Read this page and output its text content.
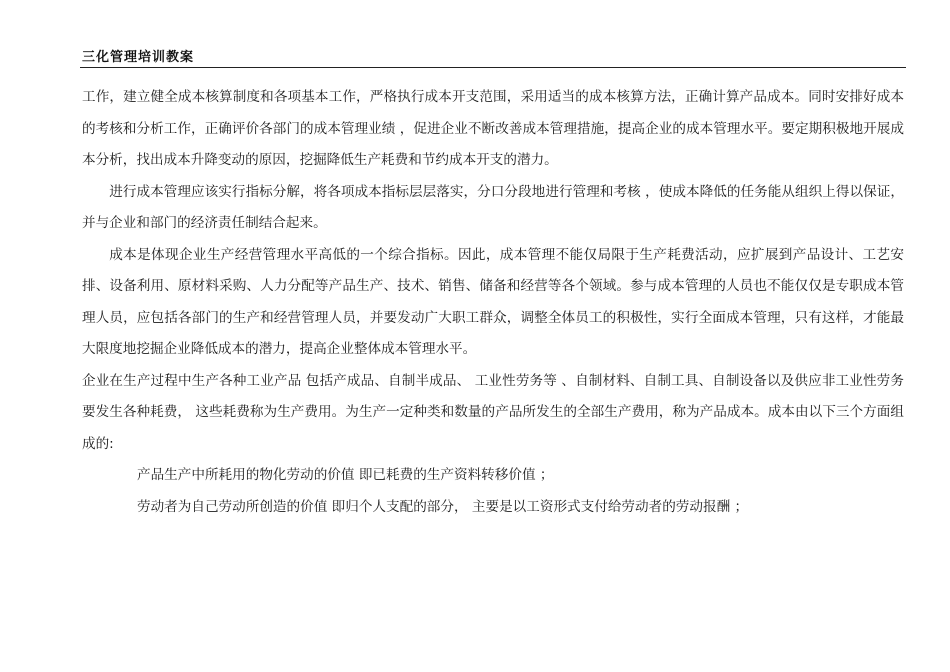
三化管理培训教案

工作，建立健全成本核算制度和各项基本工作，严格执行成本开支范围，采用适当的成本核算方法，正确计算产品成本。同时安排好成本的考核和分析工作，正确评价各部门的成本管理业绩 ，促进企业不断改善成本管理措施，提高企业的成本管理水平。要定期积极地开展成本分析，找出成本升降变动的原因，挖掘降低生产耗费和节约成本开支的潜力。

进行成本管理应该实行指标分解，将各项成本指标层层落实，分口分段地进行管理和考核 ，使成本降低的任务能从组织上得以保证，并与企业和部门的经济责任制结合起来。

成本是体现企业生产经营管理水平高低的一个综合指标。因此，成本管理不能仅局限于生产耗费活动，应扩展到产品设计、工艺安排、设备利用、原材料采购、人力分配等产品生产、技术、销售、储备和经营等各个领域。参与成本管理的人员也不能仅仅是专职成本管理人员，应包括各部门的生产和经营管理人员，并要发动广大职工群众，调整全体员工的积极性，实行全面成本管理，只有这样，才能最大限度地挖掘企业降低成本的潜力，提高企业整体成本管理水平。

企业在生产过程中生产各种工业产品 包括产成品、自制半成品、 工业性劳务等 、自制材料、自制工具、自制设备以及供应非工业性劳务要发生各种耗费， 这些耗费称为生产费用。为生产一定种类和数量的产品所发生的全部生产费用，称为产品成本。成本由以下三个方面组成的:

产品生产中所耗用的物化劳动的价值 即已耗费的生产资料转移价值 ；

劳动者为自己劳动所创造的价值 即归个人支配的部分， 主要是以工资形式支付给劳动者的劳动报酬 ；
